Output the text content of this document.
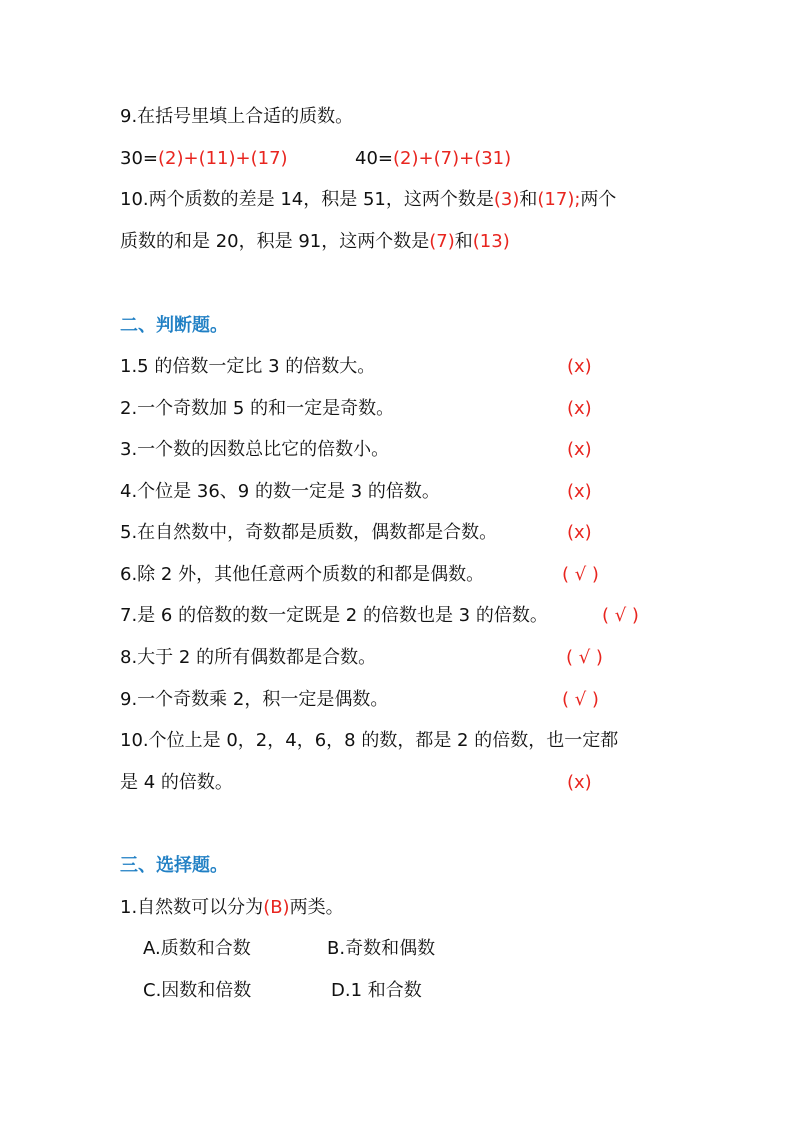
9.在括号里填上合适的质数。
30=(2)+(11)+(17)	40=(2)+(7)+(31)
10.两个质数的差是 14，积是 51，这两个数是(3)和(17);两个
质数的和是 20，积是 91，这两个数是(7)和(13)
二、判断题。
1.5 的倍数一定比 3 的倍数大。	(x)
2.一个奇数加 5 的和一定是奇数。	(x)
3.一个数的因数总比它的倍数小。	(x)
4.个位是 36、9 的数一定是 3 的倍数。	(x)
5.在自然数中，奇数都是质数，偶数都是合数。	(x)
6.除 2 外，其他任意两个质数的和都是偶数。	( √ )
7.是 6 的倍数的数一定既是 2 的倍数也是 3 的倍数。	( √ )
8.大于 2 的所有偶数都是合数。	( √ )
9.一个奇数乘 2，积一定是偶数。	( √ )
10.个位上是 0，2，4，6，8 的数，都是 2 的倍数，也一定都
是 4 的倍数。	(x)
三、选择题。
1.自然数可以分为(B)两类。
A.质数和合数	B.奇数和偶数
C.因数和倍数	D.1 和合数
